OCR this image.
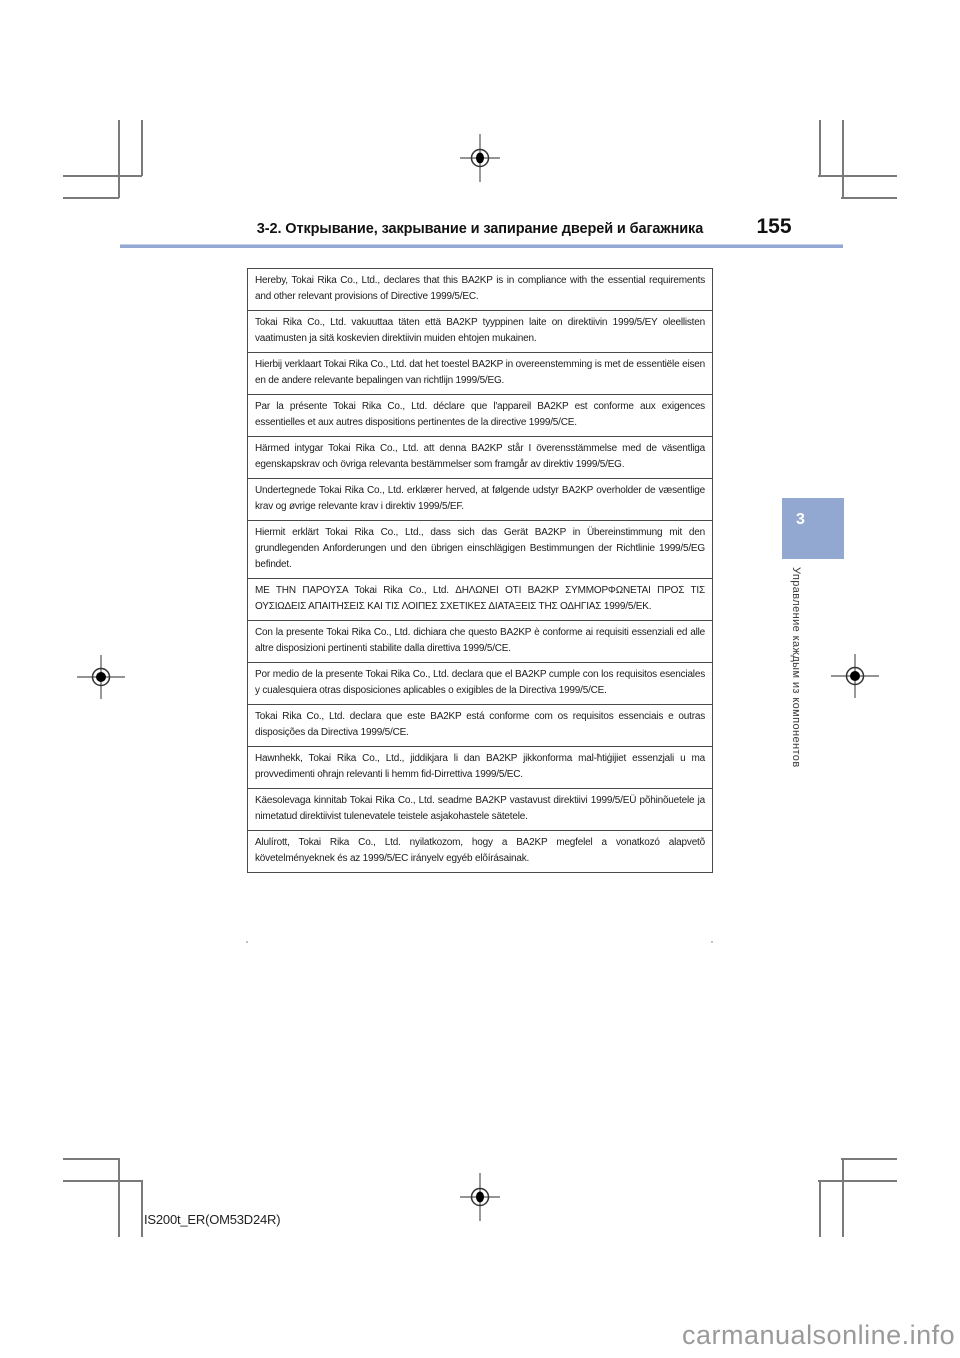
3-2. Открывание, закрывание и запирание дверей и багажника	155
Hereby, Tokai Rika Co., Ltd., declares that this BA2KP is in compliance with the essential requirements and other relevant provisions of Directive 1999/5/EC.
Tokai Rika Co., Ltd. vakuuttaa täten että BA2KP tyyppinen laite on direktiivin 1999/5/EY oleellisten vaatimusten ja sitä koskevien direktiivin muiden ehtojen mukainen.
Hierbij verklaart Tokai Rika Co., Ltd. dat het toestel BA2KP in overeenstemming is met de essentiële eisen en de andere relevante bepalingen van richtlijn 1999/5/EG.
Par la présente Tokai Rika Co., Ltd. déclare que l'appareil BA2KP est conforme aux exigences essentielles et aux autres dispositions pertinentes de la directive 1999/5/CE.
Härmed intygar Tokai Rika Co., Ltd. att denna BA2KP står I överensstämmelse med de väsentliga egenskapskrav och övriga relevanta bestämmelser som framgår av direktiv 1999/5/EG.
Undertegnede Tokai Rika Co., Ltd. erklærer herved, at følgende udstyr BA2KP overholder de væsentlige krav og øvrige relevante krav i direktiv 1999/5/EF.
Hiermit erklärt Tokai Rika Co., Ltd., dass sich das Gerät BA2KP in Übereinstimmung mit den grundlegenden Anforderungen und den übrigen einschlägigen Bestimmungen der Richtlinie 1999/5/EG befindet.
ΜΕ ΤΗΝ ΠΑΡΟΥΣΑ Tokai Rika Co., Ltd. ΔΗΛΩΝΕΙ ΟΤΙ BA2KP ΣΥΜΜΟΡΦΩΝΕΤΑΙ ΠΡΟΣ ΤΙΣ ΟΥΣΙΩΔΕΙΣ ΑΠΑΙΤΗΣΕΙΣ ΚΑΙ ΤΙΣ ΛΟΙΠΕΣ ΣΧΕΤΙΚΕΣ ΔΙΑΤΑΞΕΙΣ ΤΗΣ ΟΔΗΓΙΑΣ 1999/5/ΕΚ.
Con la presente Tokai Rika Co., Ltd. dichiara che questo BA2KP è conforme ai requisiti essenziali ed alle altre disposizioni pertinenti stabilite dalla direttiva 1999/5/CE.
Por medio de la presente Tokai Rika Co., Ltd. declara que el BA2KP cumple con los requisitos esenciales y cualesquiera otras disposiciones aplicables o exigibles de la Directiva 1999/5/CE.
Tokai Rika Co., Ltd. declara que este BA2KP está conforme com os requisitos essenciais e outras disposições da Directiva 1999/5/CE.
Hawnhekk, Tokai Rika Co., Ltd., jiddikjara li dan BA2KP jikkonforma mal-ħtiġijiet essenzjali u ma provvedimenti oħrajn relevanti li hemm fid-Dirrettiva 1999/5/EC.
Käesolevaga kinnitab Tokai Rika Co., Ltd. seadme BA2KP vastavust direktiivi 1999/5/EÜ põhinõuetele ja nimetatud direktiivist tulenevatele teistele asjakohastele sätetele.
Alulírott, Tokai Rika Co., Ltd. nyilatkozom, hogy a BA2KP megfelel a vonatkozó alapvetõ követelményeknek és az 1999/5/EC irányelv egyéb elõírásainak.
3
Управление каждым из компонентов
IS200t_ER(OM53D24R)
carmanualsonline.info
